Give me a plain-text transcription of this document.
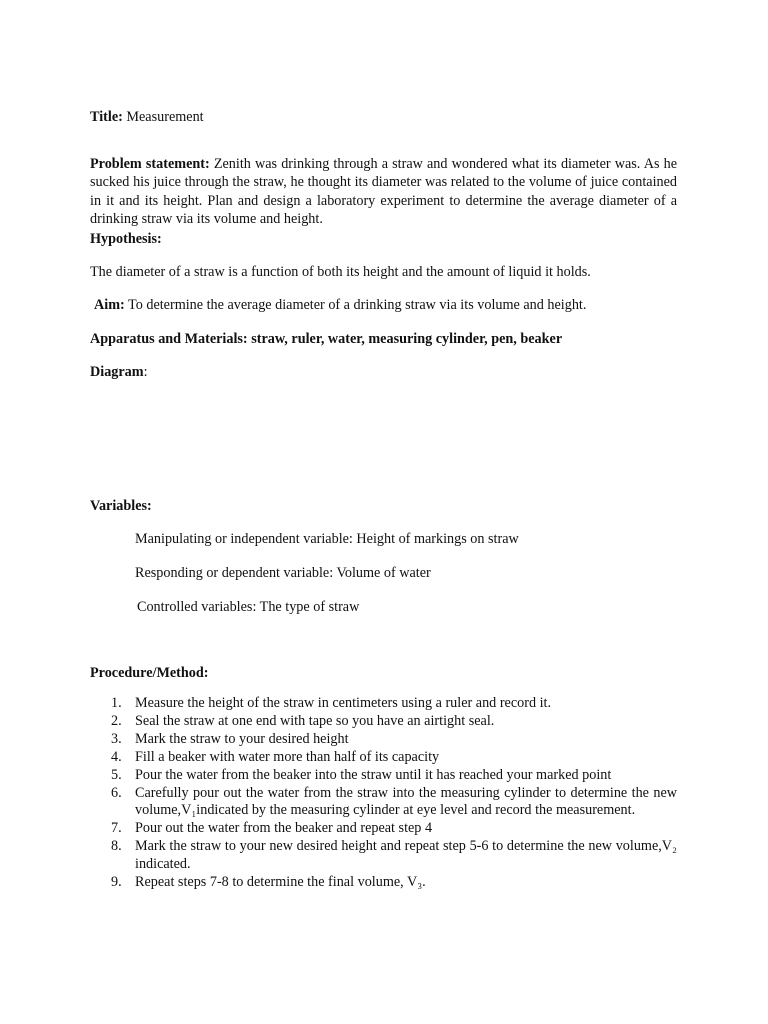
Title: Measurement

Problem statement: Zenith was drinking through a straw and wondered what its diameter was. As he sucked his juice through the straw, he thought its diameter was related to the volume of juice contained in it and its height. Plan and design a laboratory experiment to determine the average diameter of a drinking straw via its volume and height.

Hypothesis:

The diameter of a straw is a function of both its height and the amount of liquid it holds.

Aim: To determine the average diameter of a drinking straw via its volume and height.

Apparatus and Materials: straw, ruler, water, measuring cylinder, pen, beaker

Diagram:

Variables:

Manipulating or independent variable: Height of markings on straw

Responding or dependent variable: Volume of water

Controlled variables: The type of straw

Procedure/Method:

1. Measure the height of the straw in centimeters using a ruler and record it.
2. Seal the straw at one end with tape so you have an airtight seal.
3. Mark the straw to your desired height
4. Fill a beaker with water more than half of its capacity
5. Pour the water from the beaker into the straw until it has reached your marked point
6. Carefully pour out the water from the straw into the measuring cylinder to determine the new volume,V₁indicated by the measuring cylinder at eye level and record the measurement.
7. Pour out the water from the beaker and repeat step 4
8. Mark the straw to your new desired height and repeat step 5-6 to determine the new volume,V₂ indicated.
9. Repeat steps 7-8 to determine the final volume, V₃.
